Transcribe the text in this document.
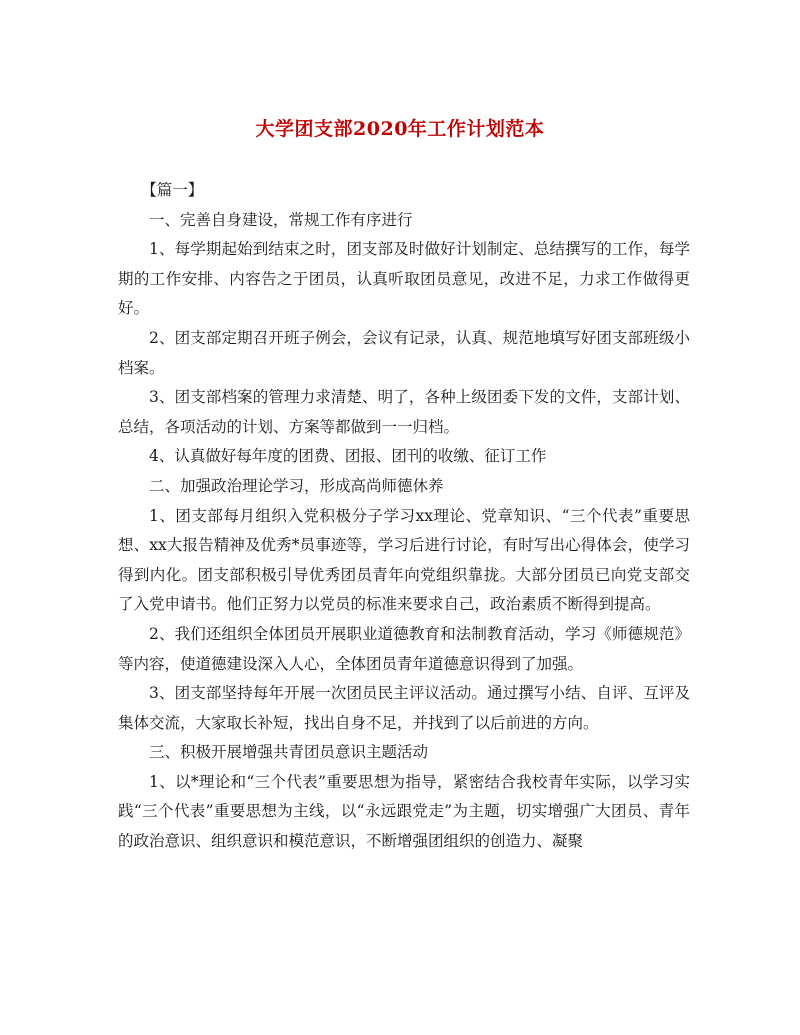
大学团支部2020年工作计划范本

【篇一】

一、完善自身建设，常规工作有序进行

1、每学期起始到结束之时，团支部及时做好计划制定、总结撰写的工作，每学期的工作安排、内容告之于团员，认真听取团员意见，改进不足，力求工作做得更好。

2、团支部定期召开班子例会，会议有记录，认真、规范地填写好团支部班级小档案。

3、团支部档案的管理力求清楚、明了，各种上级团委下发的文件，支部计划、总结，各项活动的计划、方案等都做到一一归档。

4、认真做好每年度的团费、团报、团刊的收缴、征订工作

二、加强政治理论学习，形成高尚师德休养

1、团支部每月组织入党积极分子学习xx理论、党章知识、“三个代表”重要思想、xx大报告精神及优秀*员事迹等，学习后进行讨论，有时写出心得体会，使学习得到内化。团支部积极引导优秀团员青年向党组织靠拢。大部分团员已向党支部交了入党申请书。他们正努力以党员的标准来要求自己，政治素质不断得到提高。

2、我们还组织全体团员开展职业道德教育和法制教育活动，学习《师德规范》等内容，使道德建设深入人心，全体团员青年道德意识得到了加强。

3、团支部坚持每年开展一次团员民主评议活动。通过撰写小结、自评、互评及集体交流，大家取长补短，找出自身不足，并找到了以后前进的方向。

三、积极开展增强共青团员意识主题活动

1、以*理论和“三个代表”重要思想为指导，紧密结合我校青年实际，以学习实践“三个代表”重要思想为主线，以“永远跟党走”为主题，切实增强广大团员、青年的政治意识、组织意识和模范意识，不断增强团组织的创造力、凝聚
